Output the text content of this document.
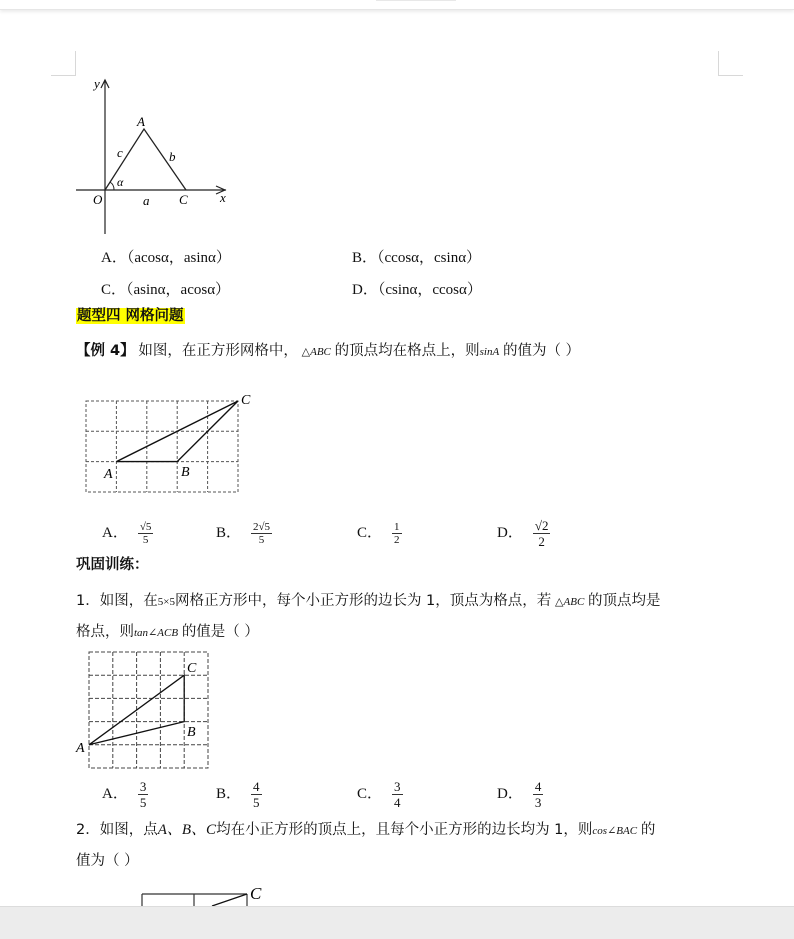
y
x
O
A
C
a
b
c
α
A．（acosα，asinα）	B．（ccosα，csinα）
C．（asinα，acosα）	D．（csinα，ccosα）
题型四 网格问题
【例 4】 如图，在正方形网格中， △ABC 的顶点均在格点上，则sinA 的值为（ ）
A	B
C
A． $\frac{√5}{5}$	B． $\frac{2√5}{5}$	C． $\frac{1}{2}$	D． $\frac{√2}{2}$
巩固训练：
1．如图，在5×5网格正方形中，每个小正方形的边长为 1，顶点为格点，若 △ABC 的顶点均是
格点，则tan∠ACB 的值是（ ）
A
B
C
A． $\frac{3}{5}$	B． $\frac{4}{5}$	C． $\frac{3}{4}$	D． $\frac{4}{3}$
2．如图，点A、B、C均在小正方形的顶点上，且每个小正方形的边长均为 1，则cos∠BAC 的
值为（ ）
C
